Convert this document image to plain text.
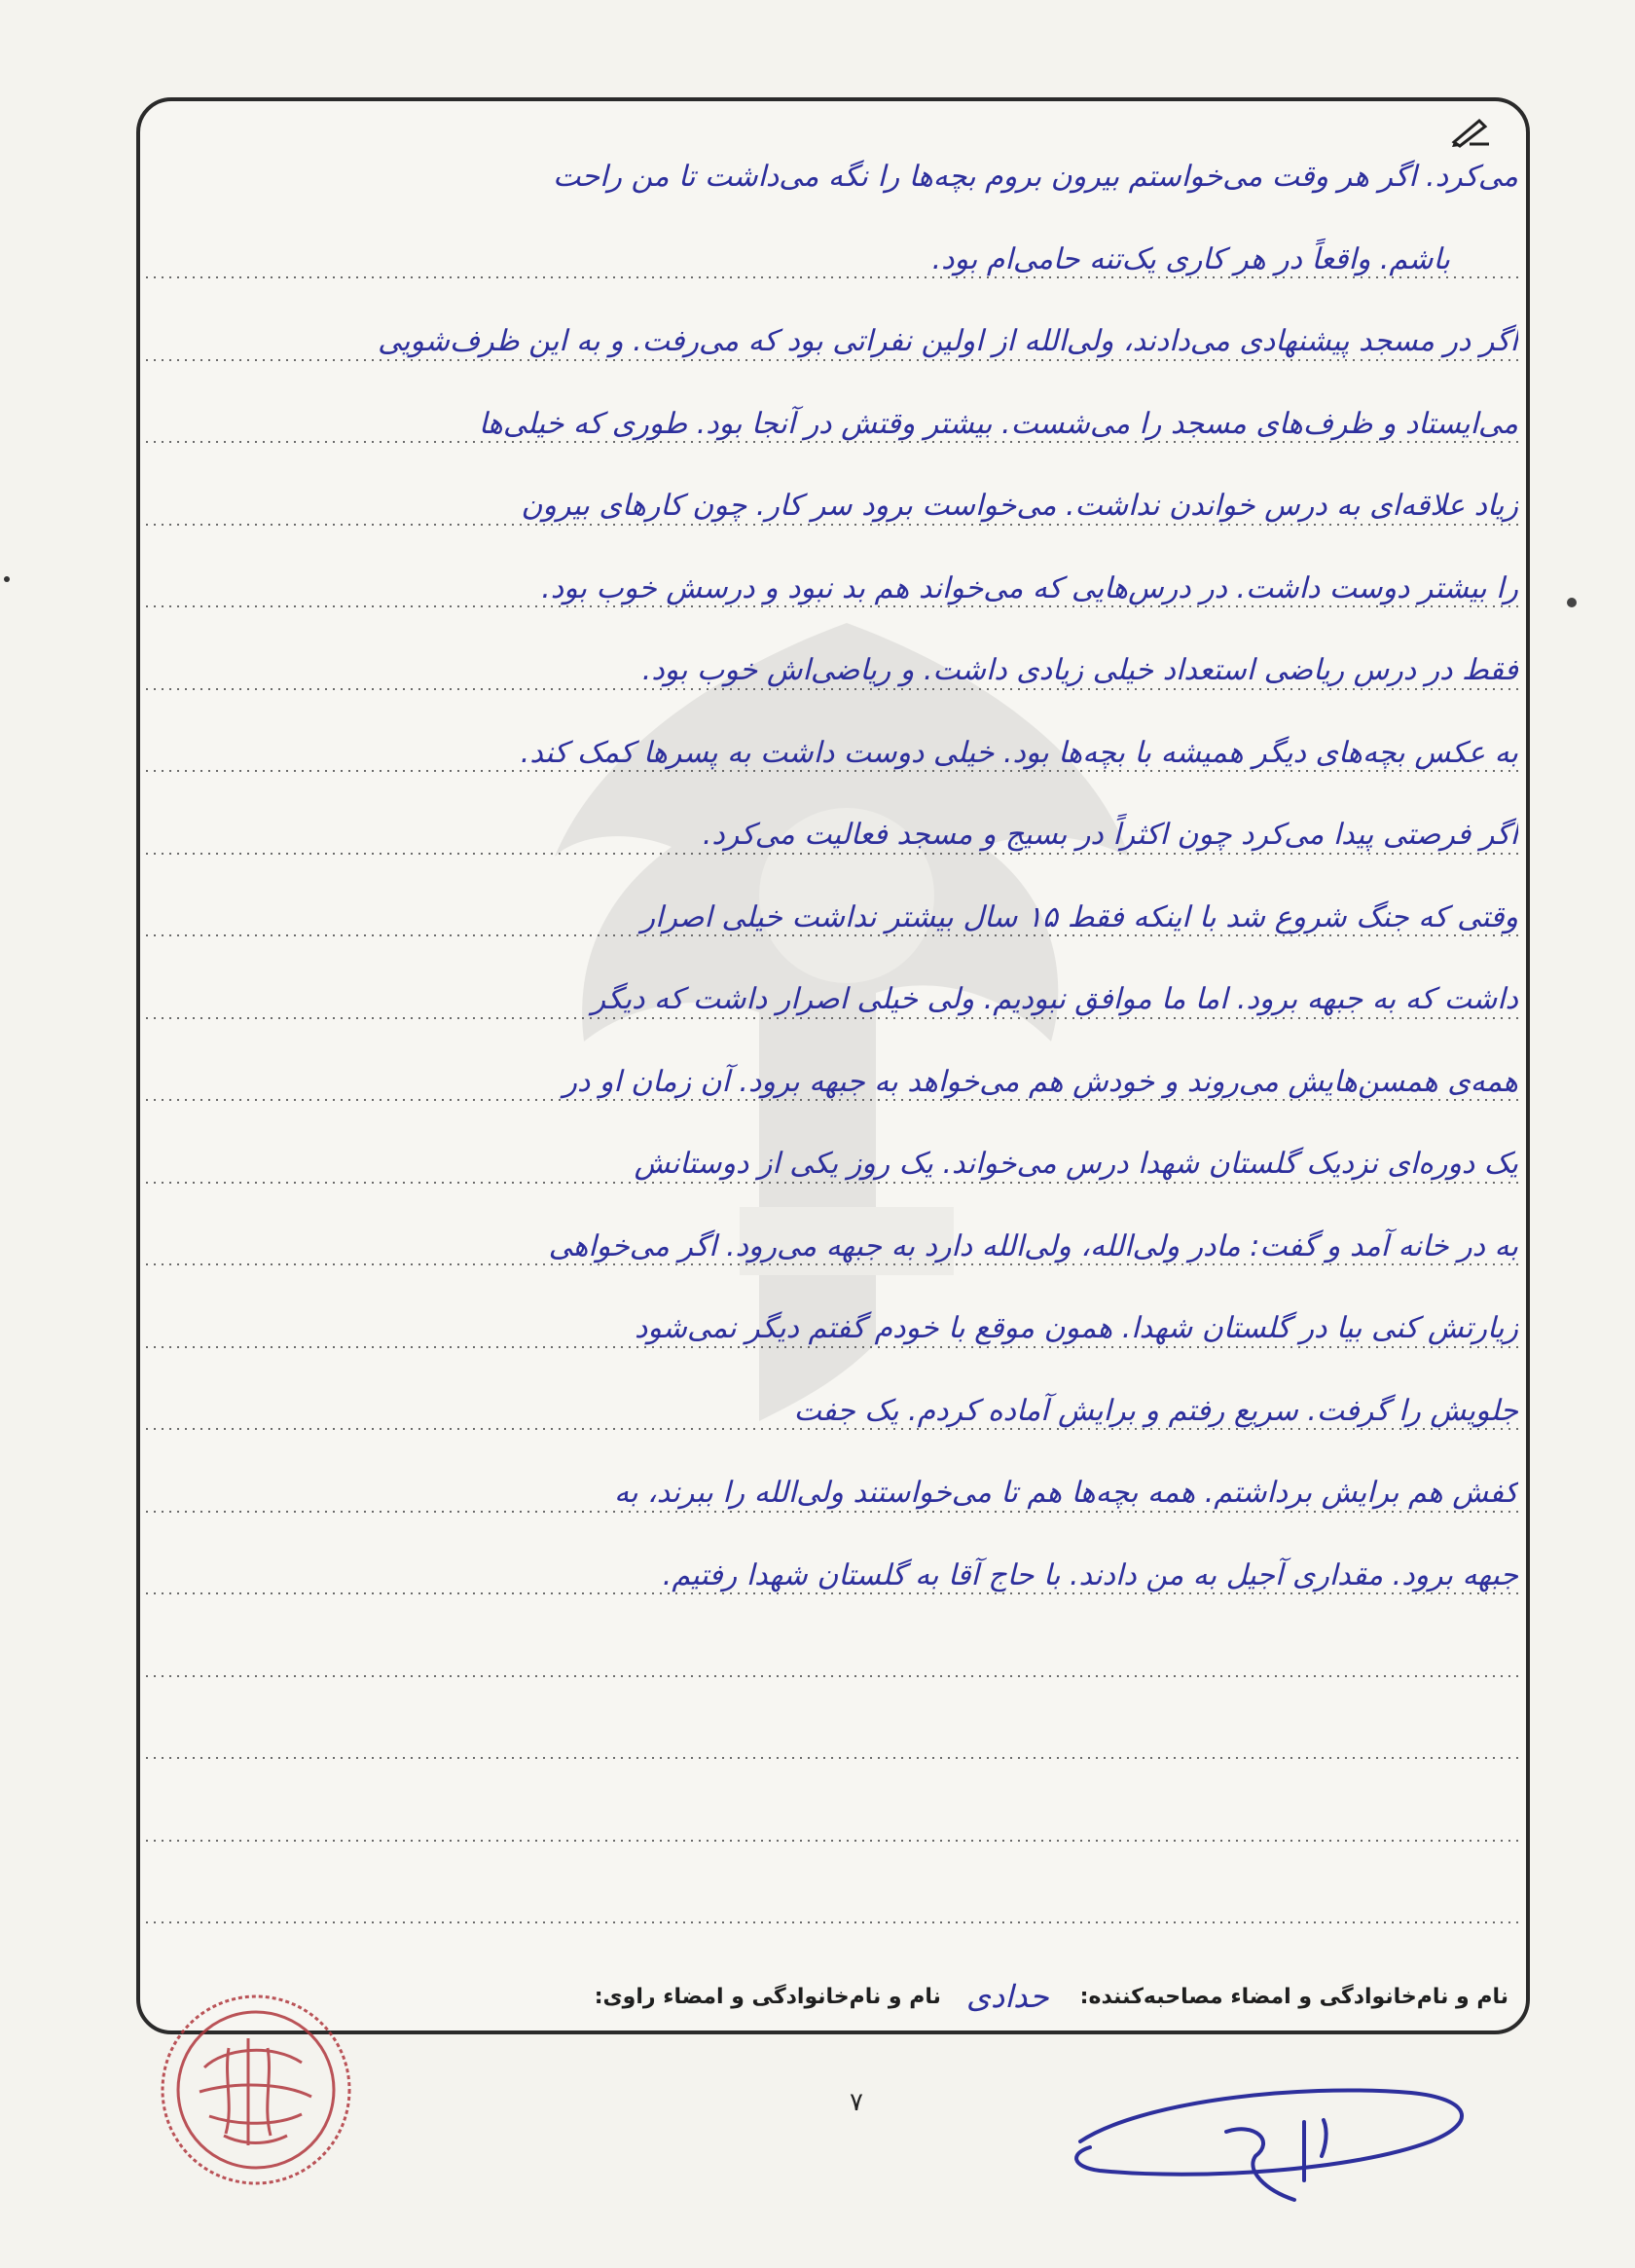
می‌کرد. اگر هر وقت می‌خواستم بیرون بروم بچه‌ها را نگه می‌داشت تا من راحت
باشم. واقعاً در هر کاری یک‌تنه حامی‌ام بود.
اگر در مسجد پیشنهادی می‌دادند، ولی‌الله از اولین نفراتی بود که می‌رفت. و به این ظرف‌شویی
می‌ایستاد و ظرف‌های مسجد را می‌شست. بیشتر وقتش در آنجا بود. طوری که خیلی‌ها
زیاد علاقه‌ای به درس خواندن نداشت. می‌خواست برود سر کار. چون کارهای بیرون
را بیشتر دوست داشت. در درس‌هایی که می‌خواند هم بد نبود و درسش خوب بود.
فقط در درس ریاضی استعداد خیلی زیادی داشت. و ریاضی‌اش خوب بود.
به عکس بچه‌های دیگر همیشه با بچه‌ها بود. خیلی دوست داشت به پسرها کمک کند.
اگر فرصتی پیدا می‌کرد چون اکثراً در بسیج و مسجد فعالیت می‌کرد.
وقتی که جنگ شروع شد با اینکه فقط ۱۵ سال بیشتر نداشت خیلی اصرار
داشت که به جبهه برود. اما ما موافق نبودیم. ولی خیلی اصرار داشت که دیگر
همه‌ی همسن‌هایش می‌روند و خودش هم می‌خواهد به جبهه برود. آن زمان او در
یک دوره‌ای نزدیک گلستان شهدا درس می‌خواند. یک روز یکی از دوستانش
به در خانه آمد و گفت: مادر ولی‌الله، ولی‌الله دارد به جبهه می‌رود. اگر می‌خواهی
زیارتش کنی بیا در گلستان شهدا. همون موقع با خودم گفتم دیگر نمی‌شود
جلویش را گرفت. سریع رفتم و برایش آماده کردم. یک جفت
کفش هم برایش برداشتم. همه بچه‌ها هم تا می‌خواستند ولی‌الله را ببرند، به
جبهه برود. مقداری آجیل به من دادند. با حاج آقا به گلستان شهدا رفتیم.
نام و نام‌خانوادگی و امضاء مصاحبه‌کننده:
حدادی
نام و نام‌خانوادگی و امضاء راوی:
٧
